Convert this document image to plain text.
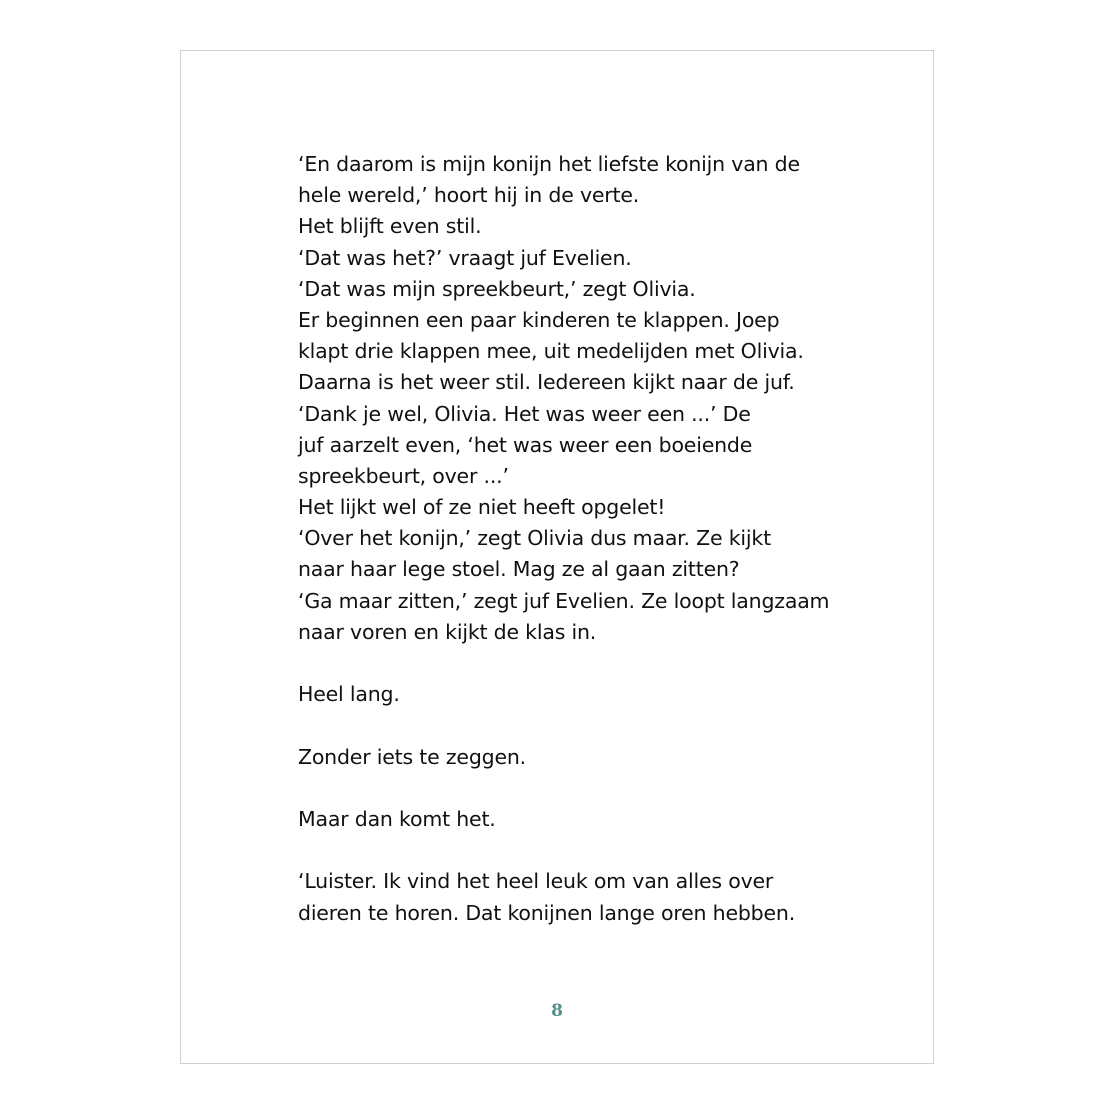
‘En daarom is mijn konijn het liefste konijn van de
hele wereld,’ hoort hij in de verte.
Het blijft even stil.
‘Dat was het?’ vraagt juf Evelien.
‘Dat was mijn spreekbeurt,’ zegt Olivia.
Er beginnen een paar kinderen te klappen. Joep
klapt drie klappen mee, uit medelijden met Olivia.
Daarna is het weer stil. Iedereen kijkt naar de juf.
‘Dank je wel, Olivia. Het was weer een ...’ De
juf aarzelt even, ‘het was weer een boeiende
spreekbeurt, over ...’
Het lijkt wel of ze niet heeft opgelet!
‘Over het konijn,’ zegt Olivia dus maar. Ze kijkt
naar haar lege stoel. Mag ze al gaan zitten?
‘Ga maar zitten,’ zegt juf Evelien. Ze loopt langzaam
naar voren en kijkt de klas in.
Heel lang.
Zonder iets te zeggen.
Maar dan komt het.
‘Luister. Ik vind het heel leuk om van alles over
dieren te horen. Dat konijnen lange oren hebben.
8
